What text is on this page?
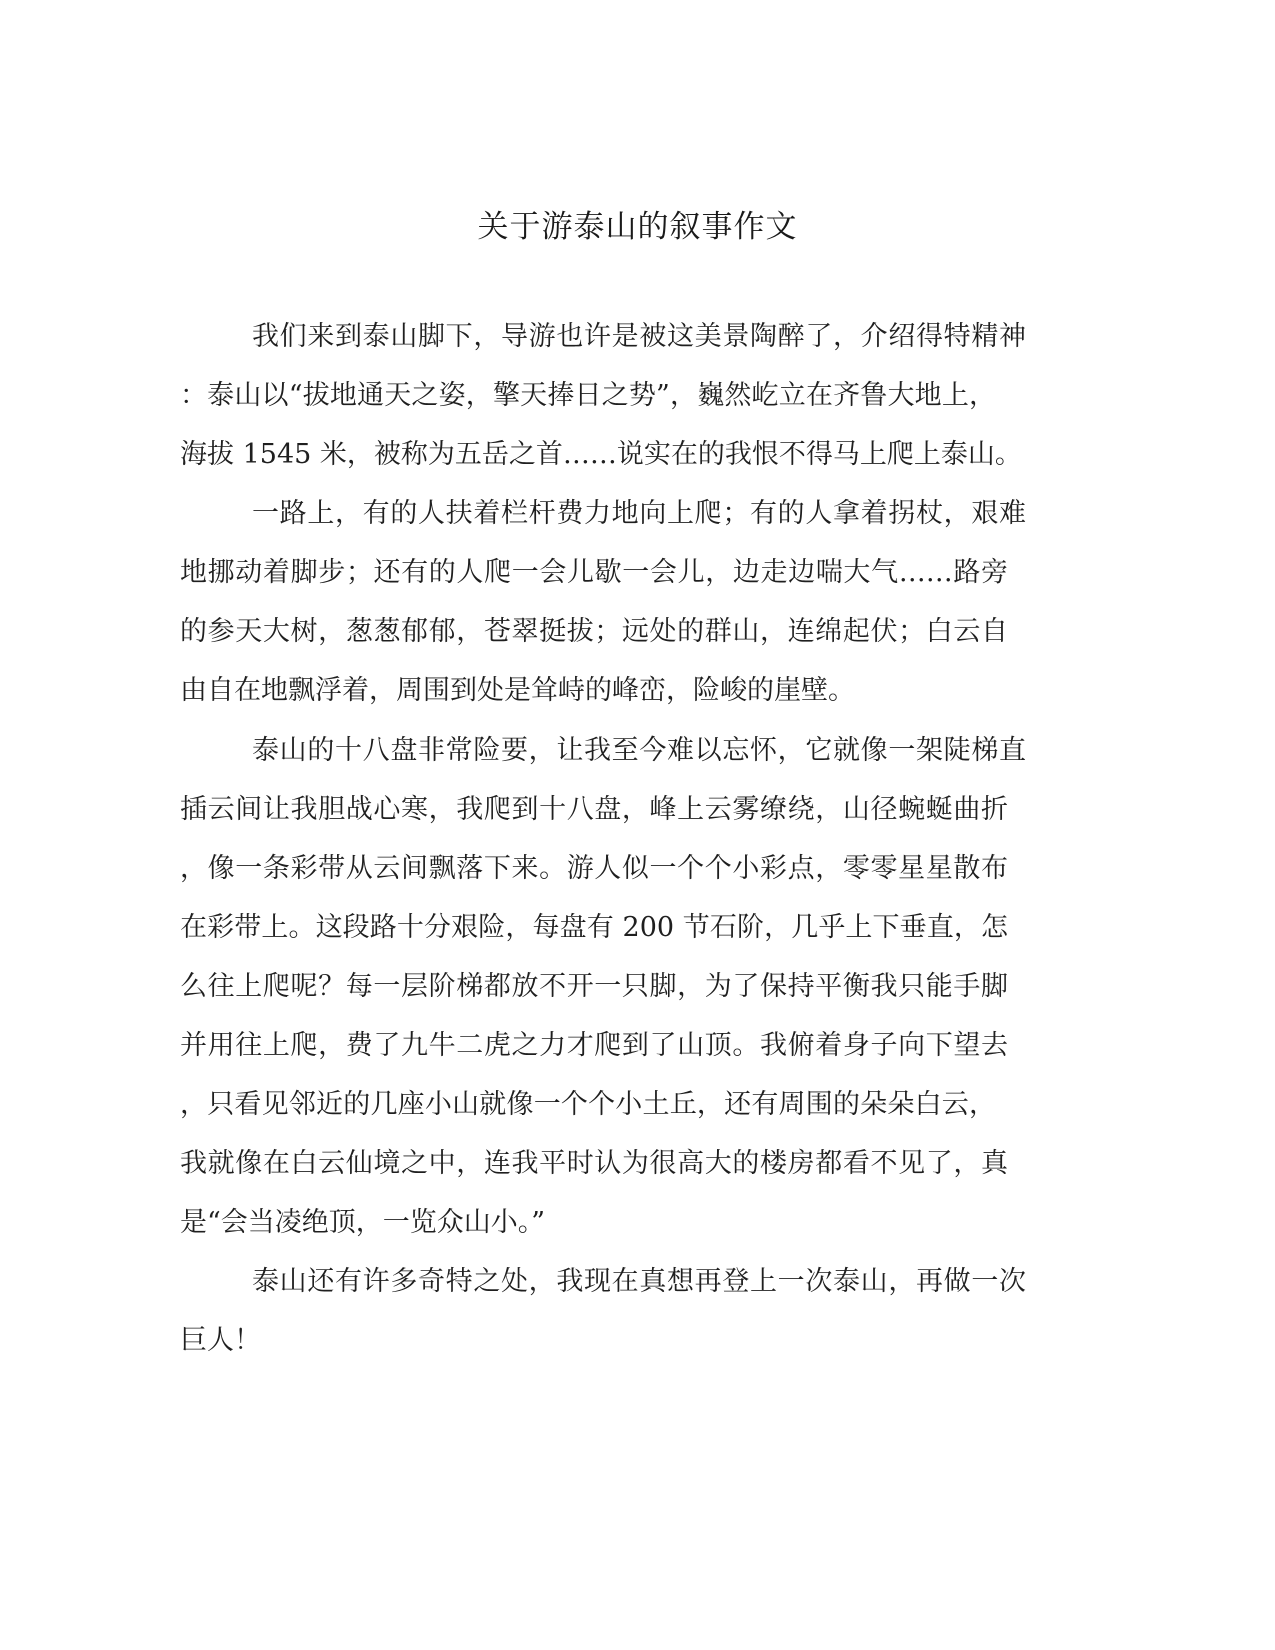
关于游泰山的叙事作文
我们来到泰山脚下，导游也许是被这美景陶醉了，介绍得特精神
：泰山以“拔地通天之姿，擎天捧日之势”，巍然屹立在齐鲁大地上，
海拔 1545 米，被称为五岳之首……说实在的我恨不得马上爬上泰山。
一路上，有的人扶着栏杆费力地向上爬；有的人拿着拐杖，艰难
地挪动着脚步；还有的人爬一会儿歇一会儿，边走边喘大气……路旁
的参天大树，葱葱郁郁，苍翠挺拔；远处的群山，连绵起伏；白云自
由自在地飘浮着，周围到处是耸峙的峰峦，险峻的崖壁。
泰山的十八盘非常险要，让我至今难以忘怀，它就像一架陡梯直
插云间让我胆战心寒，我爬到十八盘，峰上云雾缭绕，山径蜿蜒曲折
，像一条彩带从云间飘落下来。游人似一个个小彩点，零零星星散布
在彩带上。这段路十分艰险，每盘有 200 节石阶，几乎上下垂直，怎
么往上爬呢？每一层阶梯都放不开一只脚，为了保持平衡我只能手脚
并用往上爬，费了九牛二虎之力才爬到了山顶。我俯着身子向下望去
，只看见邻近的几座小山就像一个个小土丘，还有周围的朵朵白云，
我就像在白云仙境之中，连我平时认为很高大的楼房都看不见了，真
是“会当凌绝顶，一览众山小。”
泰山还有许多奇特之处，我现在真想再登上一次泰山，再做一次
巨人！
